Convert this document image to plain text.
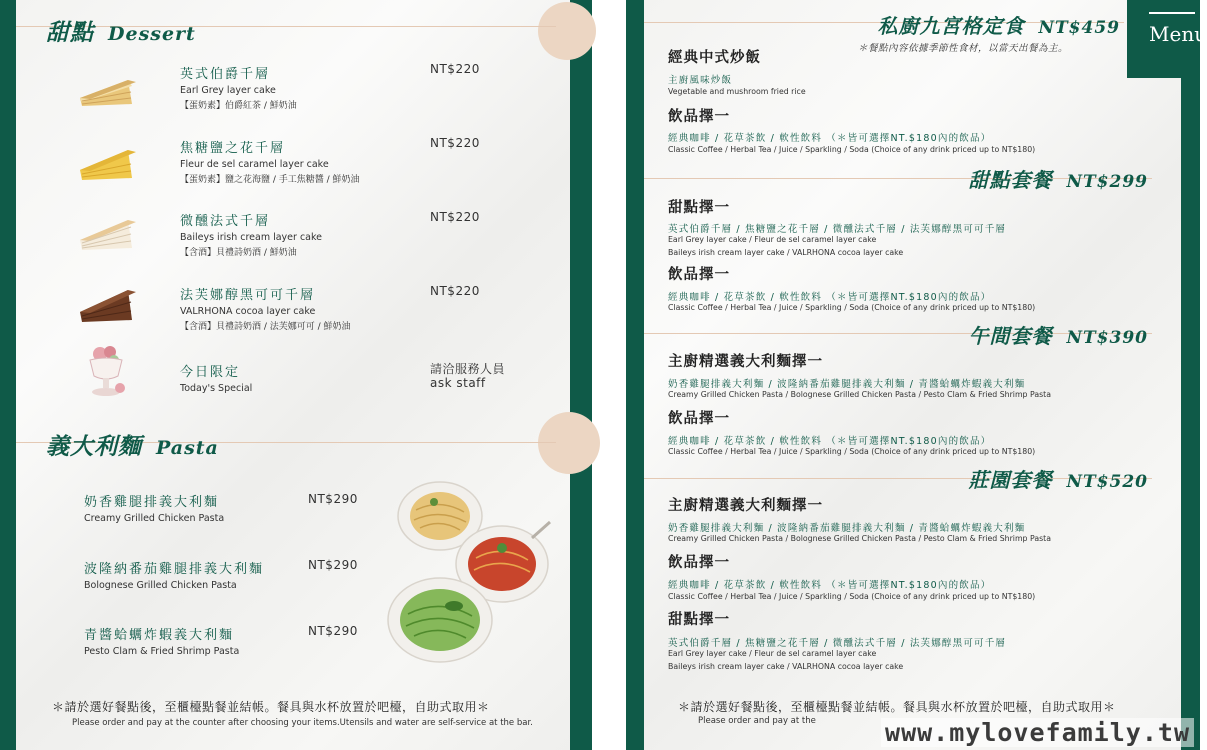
甜點 Dessert
英式伯爵千層
Earl Grey layer cake
【蛋奶素】伯爵紅茶 / 鮮奶油
NT$220
焦糖鹽之花千層
Fleur de sel caramel layer cake
【蛋奶素】鹽之花海鹽 / 手工焦糖醬 / 鮮奶油
NT$220
微醺法式千層
Baileys irish cream layer cake
【含酒】貝禮詩奶酒 / 鮮奶油
NT$220
法芙娜醇黑可可千層
VALRHONA cocoa layer cake
【含酒】貝禮詩奶酒 / 法芙娜可可 / 鮮奶油
NT$220
今日限定
Today's Special
請洽服務人員
ask staff
義大利麵 Pasta
奶香雞腿排義大利麵
Creamy Grilled Chicken Pasta
NT$290
波隆納番茄雞腿排義大利麵
Bolognese Grilled Chicken Pasta
NT$290
青醬蛤蠣炸蝦義大利麵
Pesto Clam & Fried Shrimp Pasta
NT$290
＊請於選好餐點後，至櫃檯點餐並結帳。餐具與水杯放置於吧檯，自助式取用＊
Please order and pay at the counter after choosing your items.Utensils and water are self-service at the bar.
Menu
私廚九宮格定食 NT$459
＊餐點內容依據季節性食材，以當天出餐為主。
經典中式炒飯
主廚風味炒飯
Vegetable and mushroom fried rice
飲品擇一
經典咖啡 / 花草茶飲 / 軟性飲料 （＊皆可選擇NT.$180內的飲品）
Classic Coffee / Herbal Tea / Juice / Sparkling / Soda (Choice of any drink priced up to NT$180)
甜點套餐 NT$299
甜點擇一
英式伯爵千層 / 焦糖鹽之花千層 / 微醺法式千層 / 法芙娜醇黑可可千層
Earl Grey layer cake / Fleur de sel caramel layer cake
Baileys irish cream layer cake / VALRHONA cocoa layer cake
飲品擇一
經典咖啡 / 花草茶飲 / 軟性飲料 （＊皆可選擇NT.$180內的飲品）
Classic Coffee / Herbal Tea / Juice / Sparkling / Soda (Choice of any drink priced up to NT$180)
午間套餐 NT$390
主廚精選義大利麵擇一
奶香雞腿排義大利麵 / 波隆納番茄雞腿排義大利麵 / 青醬蛤蠣炸蝦義大利麵
Creamy Grilled Chicken Pasta / Bolognese Grilled Chicken Pasta / Pesto Clam & Fried Shrimp Pasta
飲品擇一
經典咖啡 / 花草茶飲 / 軟性飲料 （＊皆可選擇NT.$180內的飲品）
Classic Coffee / Herbal Tea / Juice / Sparkling / Soda (Choice of any drink priced up to NT$180)
莊園套餐 NT$520
主廚精選義大利麵擇一
奶香雞腿排義大利麵 / 波隆納番茄雞腿排義大利麵 / 青醬蛤蠣炸蝦義大利麵
Creamy Grilled Chicken Pasta / Bolognese Grilled Chicken Pasta / Pesto Clam & Fried Shrimp Pasta
飲品擇一
經典咖啡 / 花草茶飲 / 軟性飲料 （＊皆可選擇NT.$180內的飲品）
Classic Coffee / Herbal Tea / Juice / Sparkling / Soda (Choice of any drink priced up to NT$180)
甜點擇一
英式伯爵千層 / 焦糖鹽之花千層 / 微醺法式千層 / 法芙娜醇黑可可千層
Earl Grey layer cake / Fleur de sel caramel layer cake
Baileys irish cream layer cake / VALRHONA cocoa layer cake
＊請於選好餐點後，至櫃檯點餐並結帳。餐具與水杯放置於吧檯，自助式取用＊
Please order and pay at the	www.mylovefamily.tw
